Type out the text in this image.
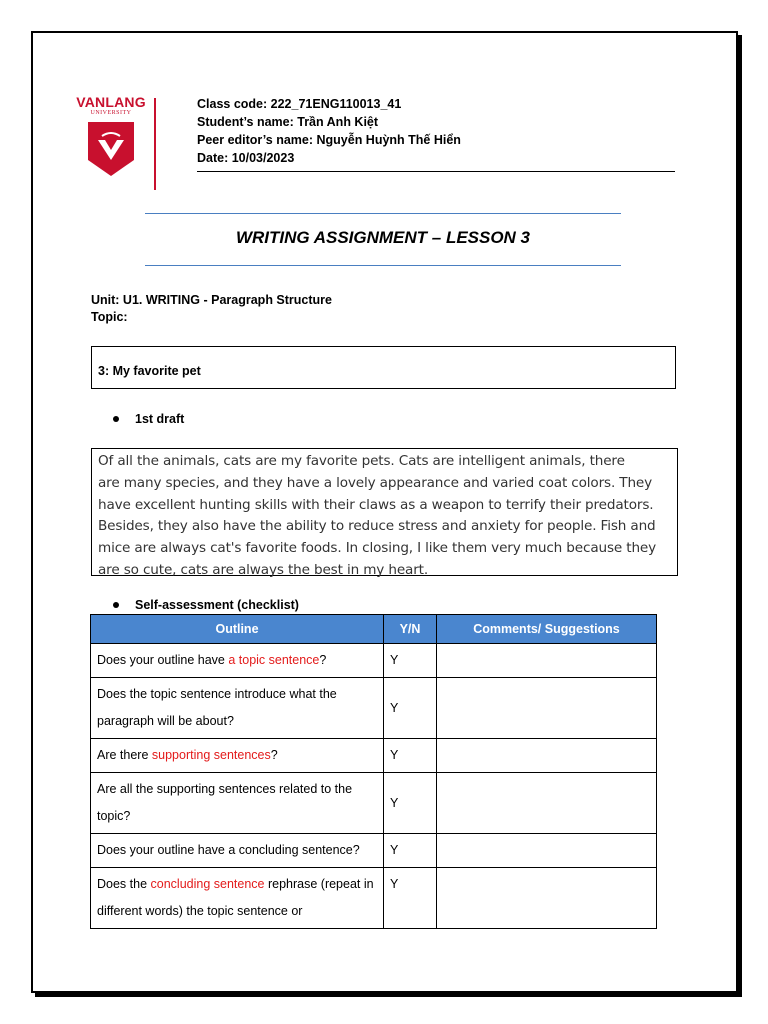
VANLANG
UNIVERSITY
Class code: 222_71ENG110013_41
Student’s name: Trần Anh Kiệt
Peer editor’s name: Nguyễn Huỳnh Thế Hiển
Date: 10/03/2023
WRITING ASSIGNMENT – LESSON 3
Unit: U1. WRITING - Paragraph Structure
Topic:
3: My favorite pet
1st draft
Of all the animals, cats are my favorite pets. Cats are intelligent animals, there
are many species, and they have a lovely appearance and varied coat colors. They
have excellent hunting skills with their claws as a weapon to terrify their predators.
Besides, they also have the ability to reduce stress and anxiety for people. Fish and
mice are always cat's favorite foods. In closing, I like them very much because they
are so cute, cats are always the best in my heart.
Self-assessment (checklist)
Outline	Y/N	Comments/ Suggestions
Does your outline have a topic sentence?	Y	
Does the topic sentence introduce what the paragraph will be about?	Y	
Are there supporting sentences?	Y	
Are all the supporting sentences related to the topic?	Y	
Does your outline have a concluding sentence?	Y	
Does the concluding sentence rephrase (repeat in different words) the topic sentence or	Y	
